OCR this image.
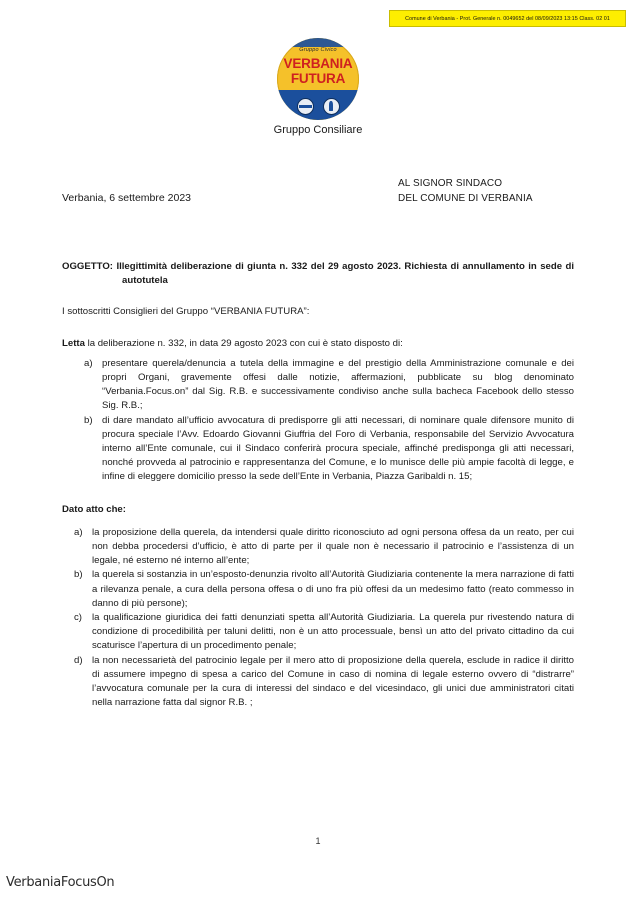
Comune di Verbania - Prot. Generale n. 0049652 del 08/09/2023 13:15 Class. 02 01
Gruppo Civico
VERBANIA
FUTURA
Gruppo Consiliare
AL SIGNOR SINDACO
DEL COMUNE DI VERBANIA
Verbania, 6 settembre 2023
OGGETTO: Illegittimità deliberazione di giunta n. 332 del 29 agosto 2023. Richiesta di annullamento in sede di autotutela
I sottoscritti Consiglieri del Gruppo “VERBANIA FUTURA”:
Letta la deliberazione n. 332, in data 29 agosto 2023 con cui è stato disposto di:
a) presentare querela/denuncia a tutela della immagine e del prestigio della Amministrazione comunale e dei propri Organi, gravemente offesi dalle notizie, affermazioni, pubblicate su blog denominato “Verbania.Focus.on” dal Sig. R.B. e successivamente condiviso anche sulla bacheca Facebook dello stesso Sig. R.B.;
b) di dare mandato all’ufficio avvocatura di predisporre gli atti necessari, di nominare quale difensore munito di procura speciale l’Avv. Edoardo Giovanni Giuffria del Foro di Verbania, responsabile del Servizio Avvocatura interno all’Ente comunale, cui il Sindaco conferirà procura speciale, affinché predisponga gli atti necessari, nonché provveda al patrocinio e rappresentanza del Comune, e lo munisce delle più ampie facoltà di legge, e infine di eleggere domicilio presso la sede dell’Ente in Verbania, Piazza Garibaldi n. 15;
Dato atto che:
a) la proposizione della querela, da intendersi quale diritto riconosciuto ad ogni persona offesa da un reato, per cui non debba procedersi d’ufficio, è atto di parte per il quale non è necessario il patrocinio e l’assistenza di un legale, né esterno né interno all’ente;
b) la querela si sostanzia in un’esposto-denunzia rivolto all’Autorità Giudiziaria contenente la mera narrazione di fatti a rilevanza penale, a cura della persona offesa o di uno fra più offesi da un medesimo fatto (reato commesso in danno di più persone);
c) la qualificazione giuridica dei fatti denunziati spetta all’Autorità Giudiziaria. La querela pur rivestendo natura di condizione di procedibilità per taluni delitti, non è un atto processuale, bensì un atto del privato cittadino da cui scaturisce l’apertura di un procedimento penale;
d) la non necessarietà del patrocinio legale per il mero atto di proposizione della querela, esclude in radice il diritto di assumere impegno di spesa a carico del Comune in caso di nomina di legale esterno ovvero di “distrarre” l’avvocatura comunale per la cura di interessi del sindaco e del vicesindaco, gli unici due amministratori citati nella narrazione fatta dal signor R.B. ;
1
VerbaniaFocusOn
